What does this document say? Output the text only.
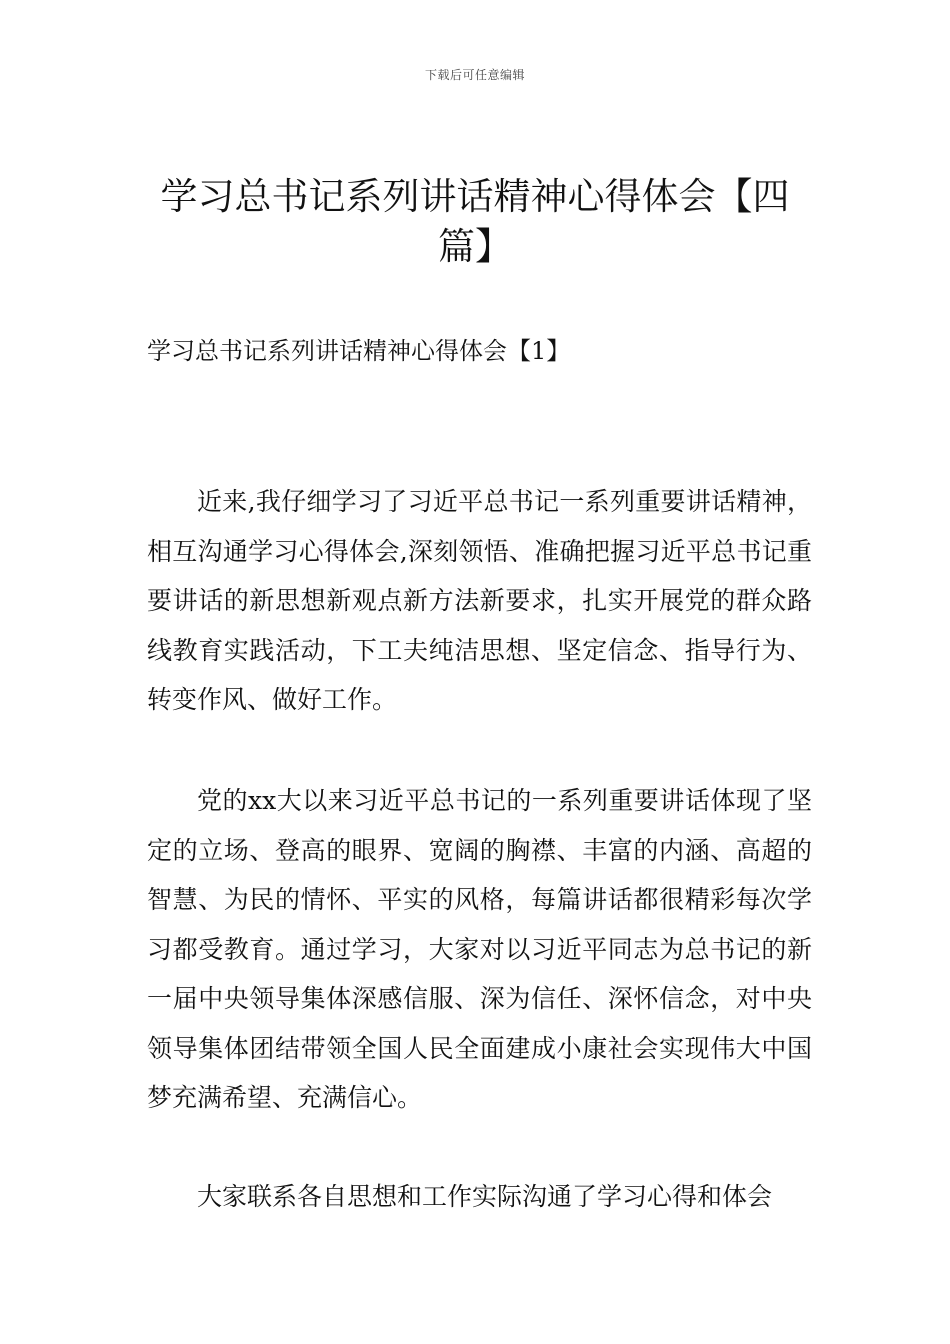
下载后可任意编辑
学习总书记系列讲话精神心得体会【四篇】
学习总书记系列讲话精神心得体会【1】

近来,我仔细学习了习近平总书记一系列重要讲话精神，相互沟通学习心得体会,深刻领悟、准确把握习近平总书记重要讲话的新思想新观点新方法新要求，扎实开展党的群众路线教育实践活动，下工夫纯洁思想、坚定信念、指导行为、转变作风、做好工作。

党的xx大以来习近平总书记的一系列重要讲话体现了坚定的立场、登高的眼界、宽阔的胸襟、丰富的内涵、高超的智慧、为民的情怀、平实的风格，每篇讲话都很精彩每次学习都受教育。通过学习，大家对以习近平同志为总书记的新一届中央领导集体深感信服、深为信任、深怀信念，对中央领导集体团结带领全国人民全面建成小康社会实现伟大中国梦充满希望、充满信心。

大家联系各自思想和工作实际沟通了学习心得和体会
